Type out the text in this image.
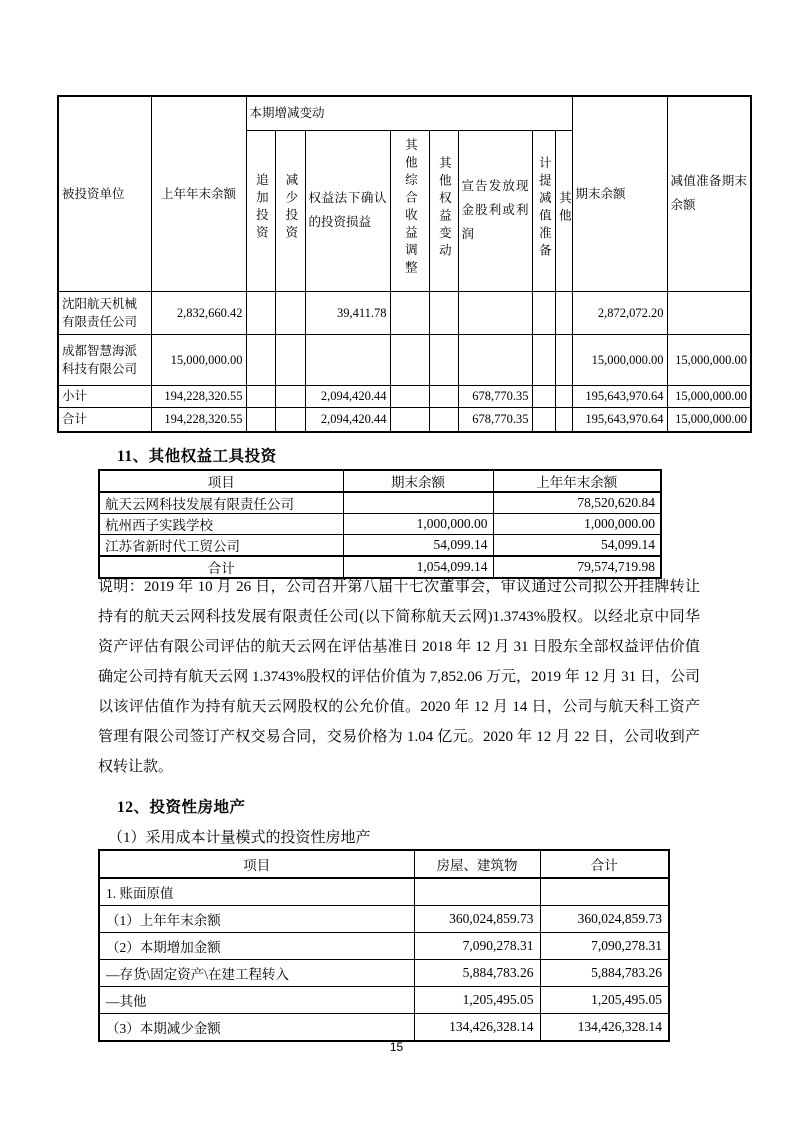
被投资单位	上年年末余额	本期增减变动								期末余额	减值准备期末余额
		追加投资	减少投资	权益法下确认的投资损益	其他综合收益调整	其他权益变动	宣告发放现金股利或利润	计提减值准备	其他		
沈阳航天机械有限责任公司	2,832,660.42			39,411.78						2,872,072.20	
成都智慧海派科技有限公司	15,000,000.00									15,000,000.00	15,000,000.00
小计	194,228,320.55			2,094,420.44			678,770.35			195,643,970.64	15,000,000.00
合计	194,228,320.55			2,094,420.44			678,770.35			195,643,970.64	15,000,000.00
11、其他权益工具投资
项目	期末余额	上年年末余额
航天云网科技发展有限责任公司		78,520,620.84
杭州西子实践学校	1,000,000.00	1,000,000.00
江苏省新时代工贸公司	54,099.14	54,099.14
合计	1,054,099.14	79,574,719.98
说明：2019 年 10 月 26 日，公司召开第八届十七次董事会，审议通过公司拟公开挂牌转让持有的航天云网科技发展有限责任公司(以下简称航天云网)1.3743%股权。以经北京中同华资产评估有限公司评估的航天云网在评估基准日 2018 年 12 月 31 日股东全部权益评估价值确定公司持有航天云网 1.3743%股权的评估价值为 7,852.06 万元，2019 年 12 月 31 日，公司以该评估值作为持有航天云网股权的公允价值。2020 年 12 月 14 日，公司与航天科工资产管理有限公司签订产权交易合同，交易价格为 1.04 亿元。2020 年 12 月 22 日，公司收到产权转让款。
12、投资性房地产
（1）采用成本计量模式的投资性房地产
项目	房屋、建筑物	合计
1. 账面原值		
（1）上年年末余额	360,024,859.73	360,024,859.73
（2）本期增加金额	7,090,278.31	7,090,278.31
—存货\固定资产\在建工程转入	5,884,783.26	5,884,783.26
—其他	1,205,495.05	1,205,495.05
（3）本期减少金额	134,426,328.14	134,426,328.14
15
